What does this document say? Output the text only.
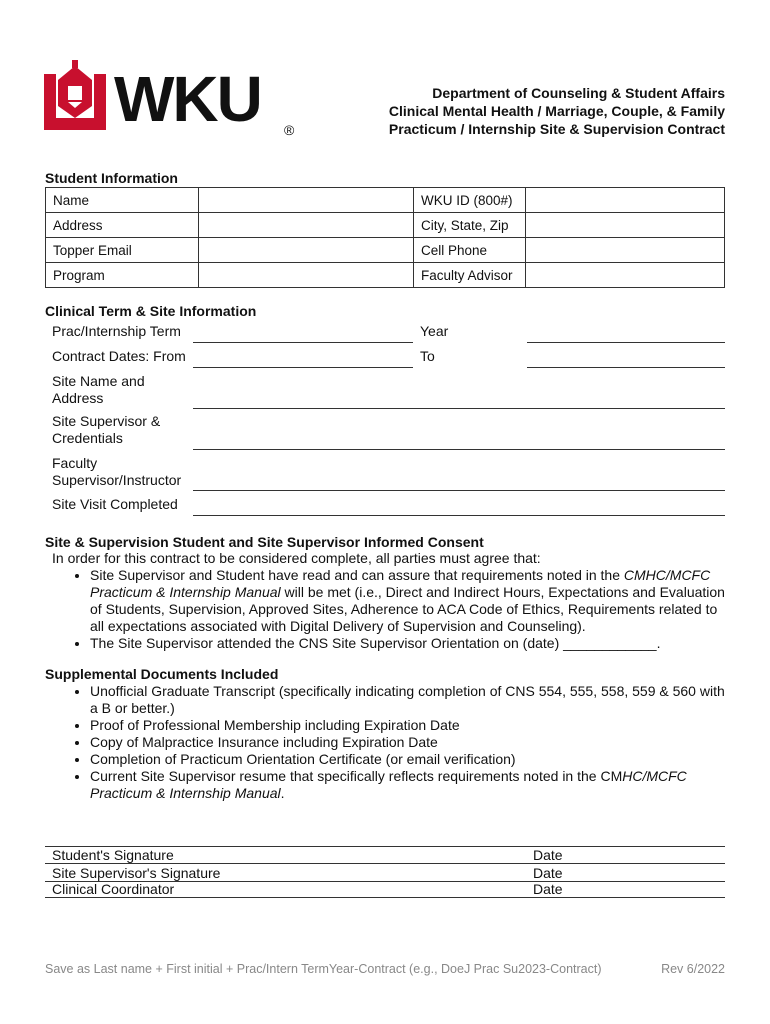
WKU ®
Department of Counseling & Student Affairs
Clinical Mental Health / Marriage, Couple, & Family
Practicum / Internship Site & Supervision Contract
Student Information
Name		WKU ID (800#)	
Address		City, State, Zip	
Topper Email		Cell Phone	
Program		Faculty Advisor	
Clinical Term & Site Information
Prac/Internship Term	Year
Contract Dates: From	To
Site Name and
Address
Site Supervisor &
Credentials
Faculty
Supervisor/Instructor
Site Visit Completed
Site & Supervision Student and Site Supervisor Informed Consent
In order for this contract to be considered complete, all parties must agree that:
• Site Supervisor and Student have read and can assure that requirements noted in the CMHC/MCFC Practicum & Internship Manual will be met (i.e., Direct and Indirect Hours, Expectations and Evaluation of Students, Supervision, Approved Sites, Adherence to ACA Code of Ethics, Requirements related to all expectations associated with Digital Delivery of Supervision and Counseling).
• The Site Supervisor attended the CNS Site Supervisor Orientation on (date) ____________.
Supplemental Documents Included
• Unofficial Graduate Transcript (specifically indicating completion of CNS 554, 555, 558, 559 & 560 with a B or better.)
• Proof of Professional Membership including Expiration Date
• Copy of Malpractice Insurance including Expiration Date
• Completion of Practicum Orientation Certificate (or email verification)
• Current Site Supervisor resume that specifically reflects requirements noted in the CMHC/MCFC Practicum & Internship Manual.
Student's Signature	Date
Site Supervisor's Signature	Date
Clinical Coordinator	Date
Save as Last name + First initial + Prac/Intern TermYear-Contract (e.g., DoeJ Prac Su2023-Contract)	Rev 6/2022
